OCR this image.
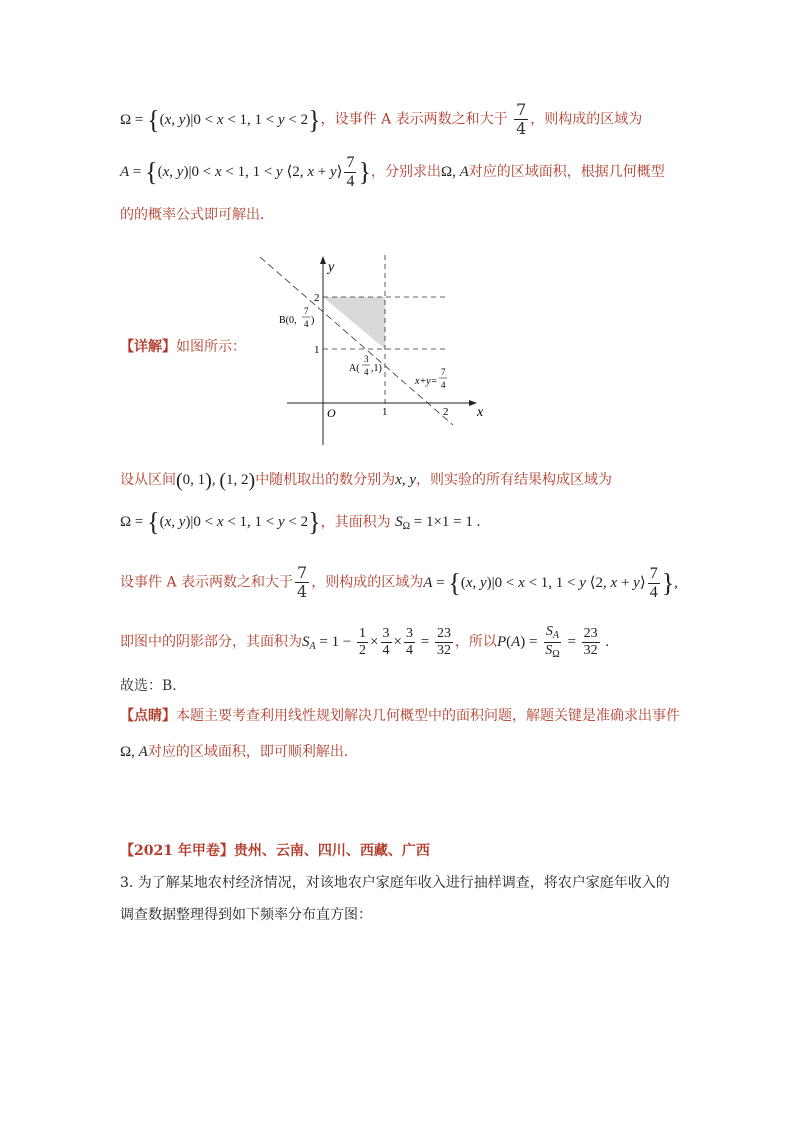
Ω = {(x, y)|0 < x < 1, 1 < y < 2}，设事件 A 表示两数之和大于 $\frac{7}{4}$ ，则构成的区域为
A = {(x, y)|0 < x < 1, 1 < y ⟨2, x + y⟩ $\frac{7}{4}$ }，分别求出Ω, A对应的区域面积，根据几何概型
的的概率公式即可解出．
【详解】如图所示：
x
y
O	1	2
1
2
B(0,
7
4 )
A(
3
4 ,1)
x+y=
7
4
设从区间(0, 1), (1, 2)中随机取出的数分别为x, y，则实验的所有结果构成区域为
Ω = {(x, y)|0 < x < 1, 1 < y < 2}，其面积为 $S_\Omega = 1\times 1 = 1$ .
设事件 A 表示两数之和大于 $\frac{7}{4}$ ，则构成的区域为A = {(x, y)|0 < x < 1, 1 < y ⟨2, x + y⟩ $\frac{7}{4}$ },
即图中的阴影部分，其面积为$S_A = 1 - \frac{1}{2} \times \frac{3}{4} \times \frac{3}{4} = \frac{23}{32}$ ，所以$P(A) = \frac{S_A}{S_\Omega} = \frac{23}{32}$ .
故选：B.
【点睛】本题主要考查利用线性规划解决几何概型中的面积问题，解题关键是准确求出事件
Ω, A对应的区域面积，即可顺利解出．
【2021 年甲卷】贵州、云南、四川、西藏、广西
3. 为了解某地农村经济情况，对该地农户家庭年收入进行抽样调查，将农户家庭年收入的
调查数据整理得到如下频率分布直方图：
